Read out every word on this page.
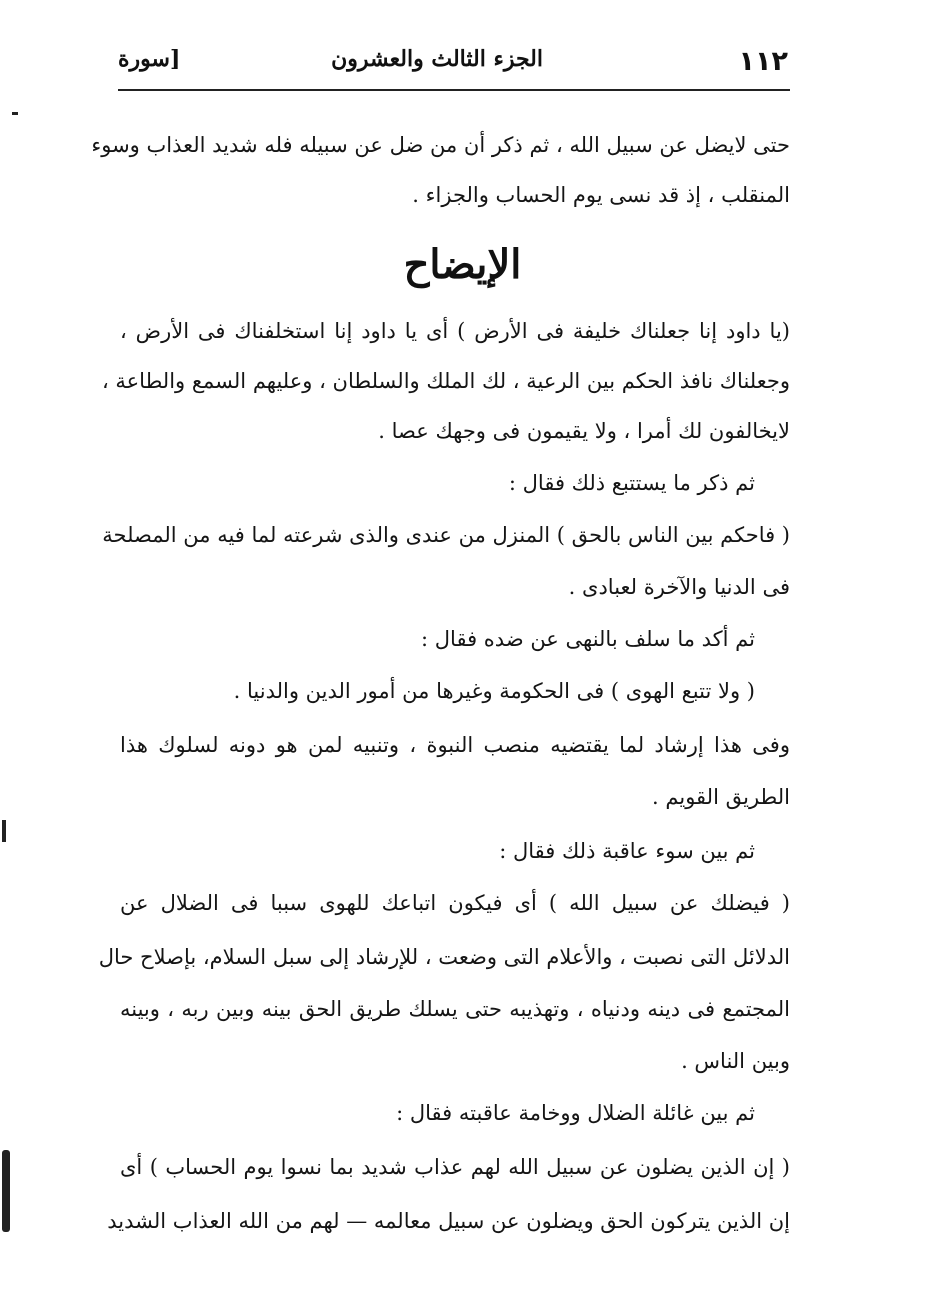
١١٢
الجزء الثالث والعشرون
[سورة
حتى لايضل عن سبيل الله ، ثم ذكر أن من ضل عن سبيله فله شديد العذاب وسوء
المنقلب ، إذ قد نسى يوم الحساب والجزاء .
الإيضاح
(يا داود إنا جعلناك خليفة فى الأرض ) أى يا داود إنا استخلفناك فى الأرض ،
وجعلناك نافذ الحكم بين الرعية ، لك الملك والسلطان ، وعليهم السمع والطاعة ،
لايخالفون لك أمرا ، ولا يقيمون فى وجهك عصا .
ثم ذكر ما يستتبع ذلك فقال :
( فاحكم بين الناس بالحق ) المنزل من عندى والذى شرعته لما فيه من المصلحة
فى الدنيا والآخرة لعبادى .
ثم أكد ما سلف بالنهى عن ضده فقال :
( ولا تتبع الهوى ) فى الحكومة وغيرها من أمور الدين والدنيا .
وفى هذا إرشاد لما يقتضيه منصب النبوة ، وتنبيه لمن هو دونه لسلوك هذا
الطريق القويم .
ثم بين سوء عاقبة ذلك فقال :
( فيضلك عن سبيل الله ) أى فيكون اتباعك للهوى سببا فى الضلال عن
الدلائل التى نصبت ، والأعلام التى وضعت ، للإرشاد إلى سبل السلام، بإصلاح حال
المجتمع فى دينه ودنياه ، وتهذيبه حتى يسلك طريق الحق بينه وبين ربه ، وبينه
وبين الناس .
ثم بين غائلة الضلال ووخامة عاقبته فقال :
( إن الذين يضلون عن سبيل الله لهم عذاب شديد بما نسوا يوم الحساب ) أى
إن الذين يتركون الحق ويضلون عن سبيل معالمه — لهم من الله العذاب الشديد
